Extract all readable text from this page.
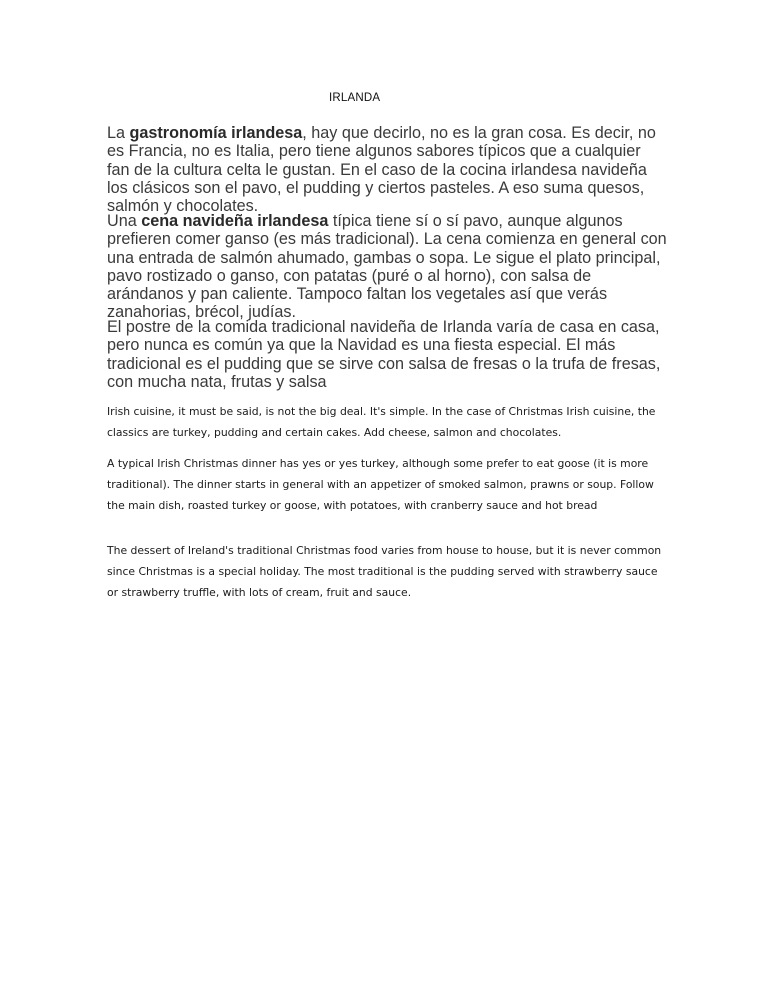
IRLANDA

La gastronomía irlandesa, hay que decirlo, no es la gran cosa. Es decir, no es Francia, no es Italia, pero tiene algunos sabores típicos que a cualquier fan de la cultura celta le gustan. En el caso de la cocina irlandesa navideña los clásicos son el pavo, el pudding y ciertos pasteles. A eso suma quesos, salmón y chocolates.

Una cena navideña irlandesa típica tiene sí o sí pavo, aunque algunos prefieren comer ganso (es más tradicional). La cena comienza en general con una entrada de salmón ahumado, gambas o sopa. Le sigue el plato principal, pavo rostizado o ganso, con patatas (puré o al horno), con salsa de arándanos y pan caliente. Tampoco faltan los vegetales así que verás zanahorias, brécol, judías.

El postre de la comida tradicional navideña de Irlanda varía de casa en casa, pero nunca es común ya que la Navidad es una fiesta especial. El más tradicional es el pudding que se sirve con salsa de fresas o la trufa de fresas, con mucha nata, frutas y salsa

Irish cuisine, it must be said, is not the big deal. It's simple. In the case of Christmas Irish cuisine, the classics are turkey, pudding and certain cakes. Add cheese, salmon and chocolates.

A typical Irish Christmas dinner has yes or yes turkey, although some prefer to eat goose (it is more traditional). The dinner starts in general with an appetizer of smoked salmon, prawns or soup. Follow the main dish, roasted turkey or goose, with potatoes, with cranberry sauce and hot bread

The dessert of Ireland's traditional Christmas food varies from house to house, but it is never common since Christmas is a special holiday. The most traditional is the pudding served with strawberry sauce or strawberry truffle, with lots of cream, fruit and sauce.
